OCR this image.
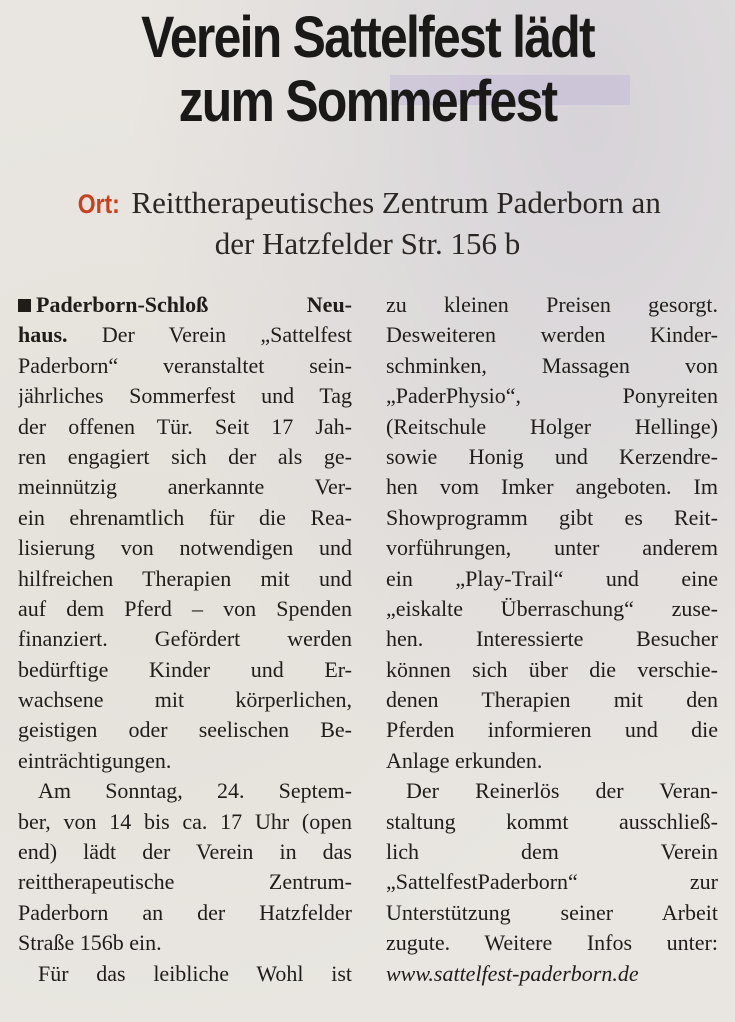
Verein Sattelfest lädt
zum Sommerfest
Ort: Reittherapeutisches Zentrum Paderborn an
der Hatzfelder Str. 156 b
Paderborn-Schloß Neu-
haus. Der Verein „Sattelfest
Paderborn“ veranstaltet sein-
jährliches Sommerfest und Tag
der offenen Tür. Seit 17 Jah-
ren engagiert sich der als ge-
meinnützig anerkannte Ver-
ein ehrenamtlich für die Rea-
lisierung von notwendigen und
hilfreichen Therapien mit und
auf dem Pferd – von Spenden
finanziert. Gefördert werden
bedürftige Kinder und Er-
wachsene mit körperlichen,
geistigen oder seelischen Be-
einträchtigungen.
Am Sonntag, 24. Septem-
ber, von 14 bis ca. 17 Uhr (open
end) lädt der Verein in das
reittherapeutische Zentrum-
Paderborn an der Hatzfelder
Straße 156b ein.
Für das leibliche Wohl ist
zu kleinen Preisen gesorgt.
Desweiteren werden Kinder-
schminken, Massagen von
„PaderPhysio“, Ponyreiten
(Reitschule Holger Hellinge)
sowie Honig und Kerzendre-
hen vom Imker angeboten. Im
Showprogramm gibt es Reit-
vorführungen, unter anderem
ein „Play-Trail“ und eine
„eiskalte Überraschung“ zuse-
hen. Interessierte Besucher
können sich über die verschie-
denen Therapien mit den
Pferden informieren und die
Anlage erkunden.
Der Reinerlös der Veran-
staltung kommt ausschließ-
lich dem Verein
„SattelfestPaderborn“ zur
Unterstützung seiner Arbeit
zugute. Weitere Infos unter:
www.sattelfest-paderborn.de
